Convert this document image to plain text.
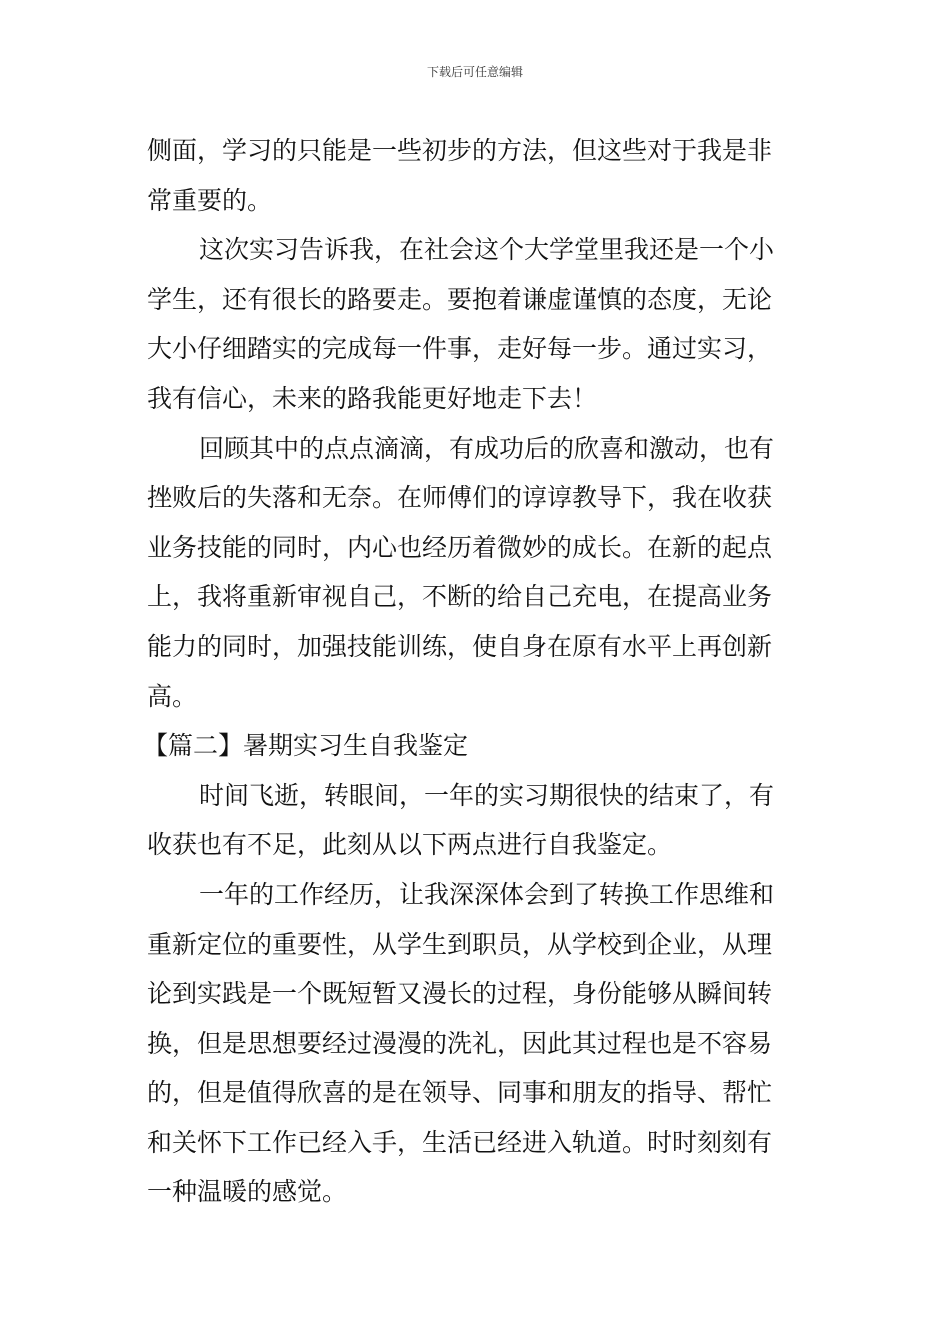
下载后可任意编辑
侧面，学习的只能是一些初步的方法，但这些对于我是非
常重要的。
这次实习告诉我，在社会这个大学堂里我还是一个小
学生，还有很长的路要走。要抱着谦虚谨慎的态度，无论
大小仔细踏实的完成每一件事，走好每一步。通过实习，
我有信心，未来的路我能更好地走下去！
回顾其中的点点滴滴，有成功后的欣喜和激动，也有
挫败后的失落和无奈。在师傅们的谆谆教导下，我在收获
业务技能的同时，内心也经历着微妙的成长。在新的起点
上，我将重新审视自己，不断的给自己充电，在提高业务
能力的同时，加强技能训练，使自身在原有水平上再创新
高。
【篇二】暑期实习生自我鉴定
时间飞逝，转眼间，一年的实习期很快的结束了，有
收获也有不足，此刻从以下两点进行自我鉴定。
一年的工作经历，让我深深体会到了转换工作思维和
重新定位的重要性，从学生到职员，从学校到企业，从理
论到实践是一个既短暂又漫长的过程，身份能够从瞬间转
换，但是思想要经过漫漫的洗礼，因此其过程也是不容易
的，但是值得欣喜的是在领导、同事和朋友的指导、帮忙
和关怀下工作已经入手，生活已经进入轨道。时时刻刻有
一种温暖的感觉。
